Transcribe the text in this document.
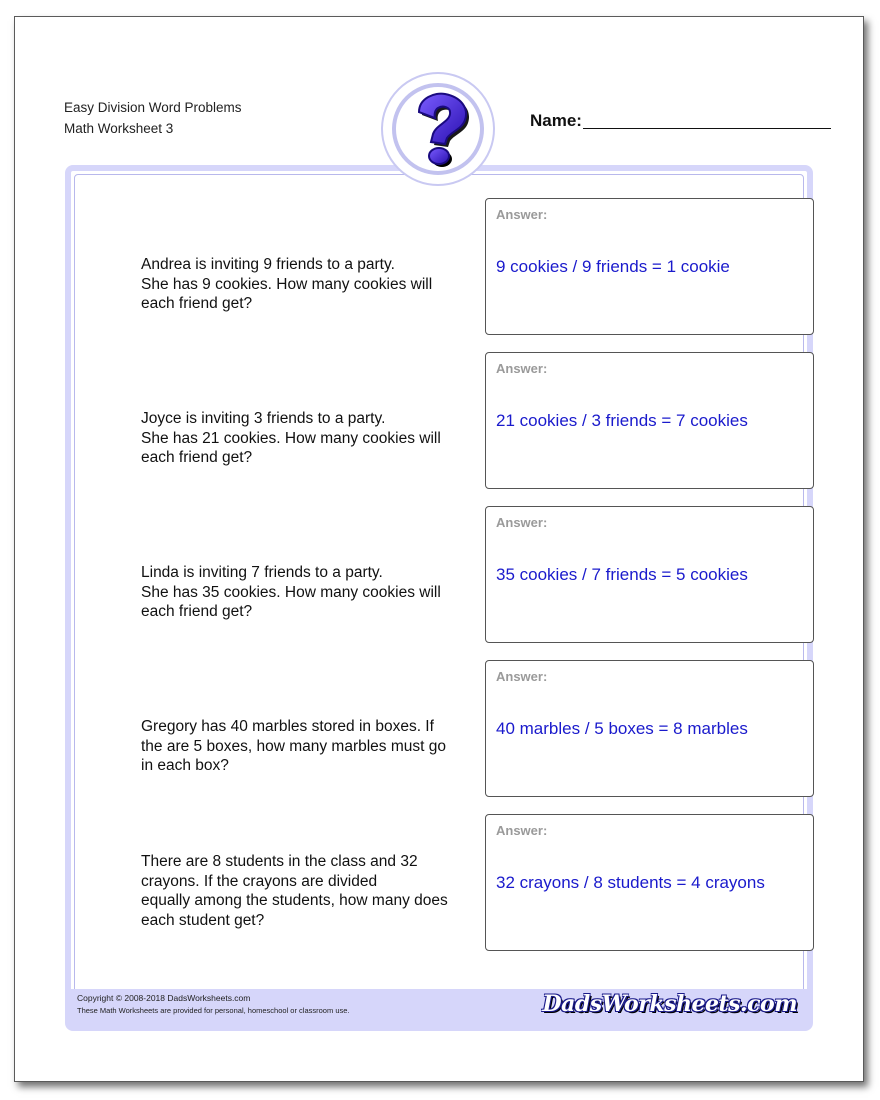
Easy Division Word Problems
Math Worksheet 3	Name:
Andrea is inviting 9 friends to a party.
She has 9 cookies. How many cookies will
each friend get?
Answer:
9 cookies / 9 friends = 1 cookie
Joyce is inviting 3 friends to a party.
She has 21 cookies. How many cookies will
each friend get?
Answer:
21 cookies / 3 friends = 7 cookies
Linda is inviting 7 friends to a party.
She has 35 cookies. How many cookies will
each friend get?
Answer:
35 cookies / 7 friends = 5 cookies
Gregory has 40 marbles stored in boxes. If
the are 5 boxes, how many marbles must go
in each box?
Answer:
40 marbles / 5 boxes = 8 marbles
There are 8 students in the class and 32
crayons. If the crayons are divided
equally among the students, how many does
each student get?
Answer:
32 crayons / 8 students = 4 crayons
Copyright © 2008-2018 DadsWorksheets.com
These Math Worksheets are provided for personal, homeschool or classroom use.	DadsWorksheets.com
